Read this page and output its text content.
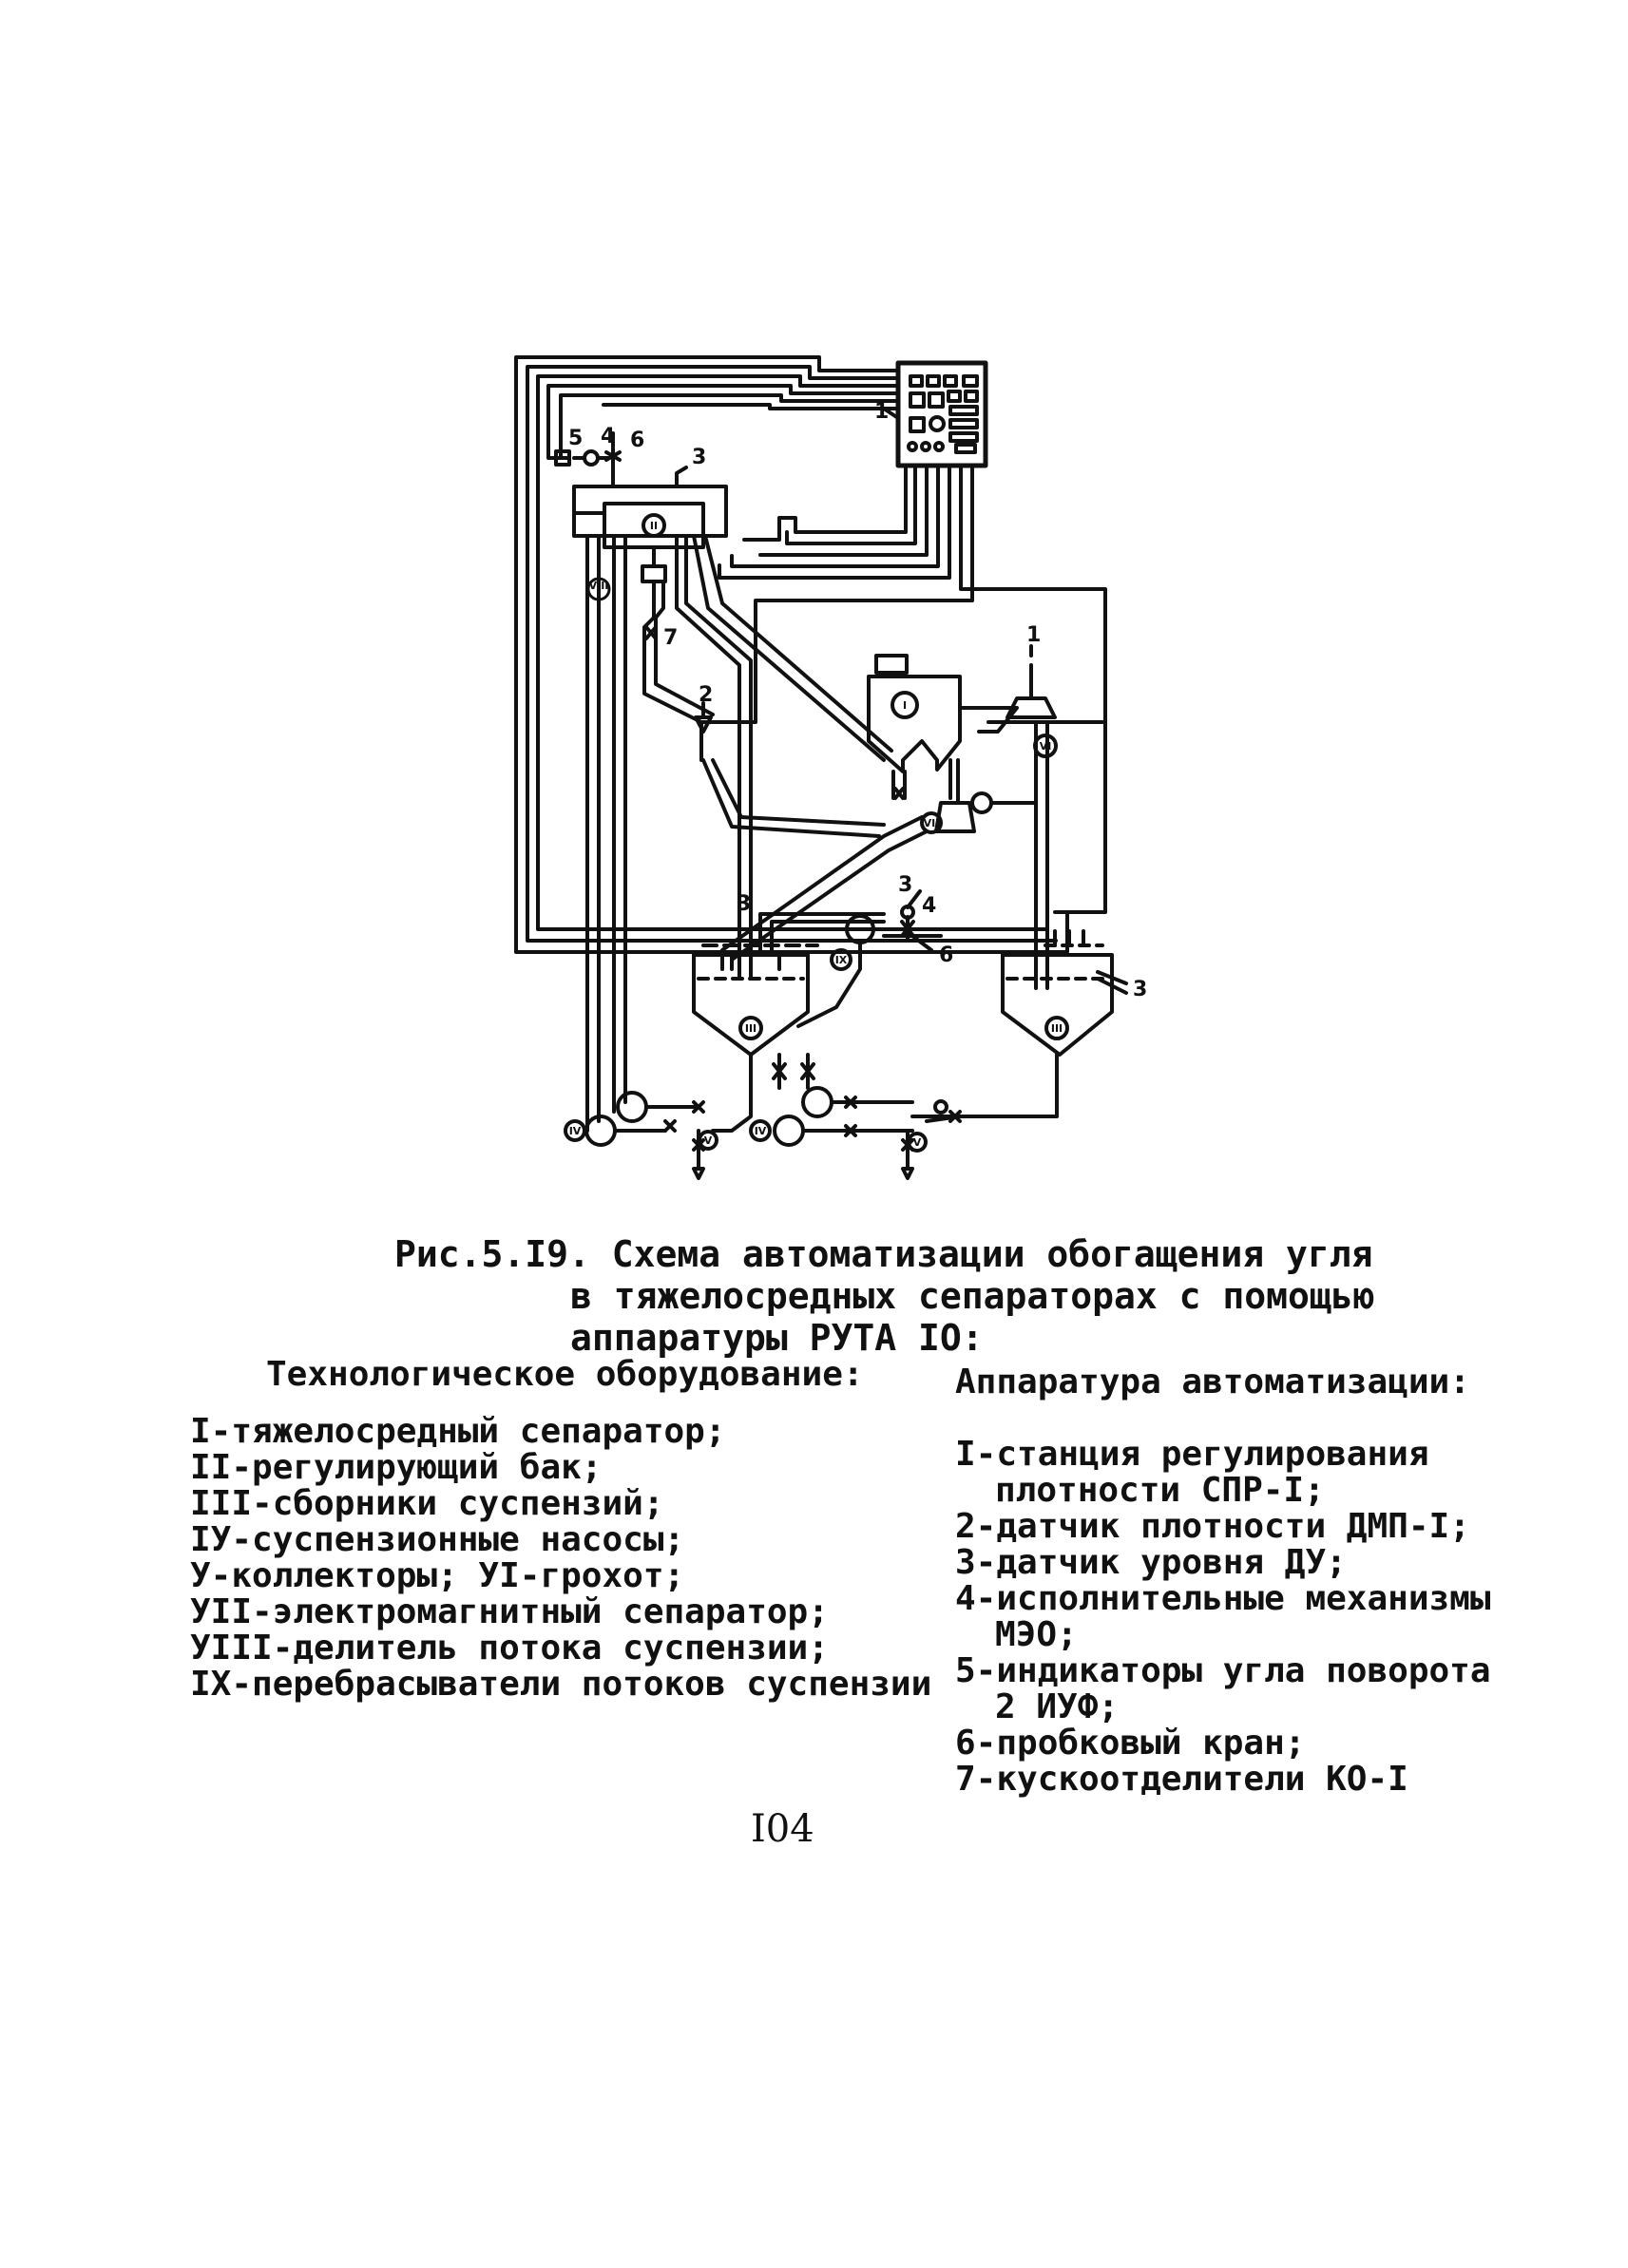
1
5 4 6
3
7
2
1
3
3	4
6
3
II
VIII
I
VI
VII
IX
III	III
IV
V
IV
V
Рис.5.I9. Схема автоматизации обогащения угля
в тяжелосредных сепараторах с помощью
аппаратуры РУТА IO:
Технологическое оборудование:
I-тяжелосредный сепаратор;
II-регулирующий бак;
III-сборники суспензий;
IУ-суспензионные насосы;
У-коллекторы; УI-грохот;
УII-электромагнитный сепаратор;
УIII-делитель потока суспензии;
IX-перебрасыватели потоков суспензии
Аппаратура автоматизации:
I-станция регулирования
плотности СПР-I;
2-датчик плотности ДМП-I;
3-датчик уровня ДУ;
4-исполнительные механизмы
МЭО;
5-индикаторы угла поворота
2 ИУФ;
6-пробковый кран;
7-кускоотделители КО-I
I04
